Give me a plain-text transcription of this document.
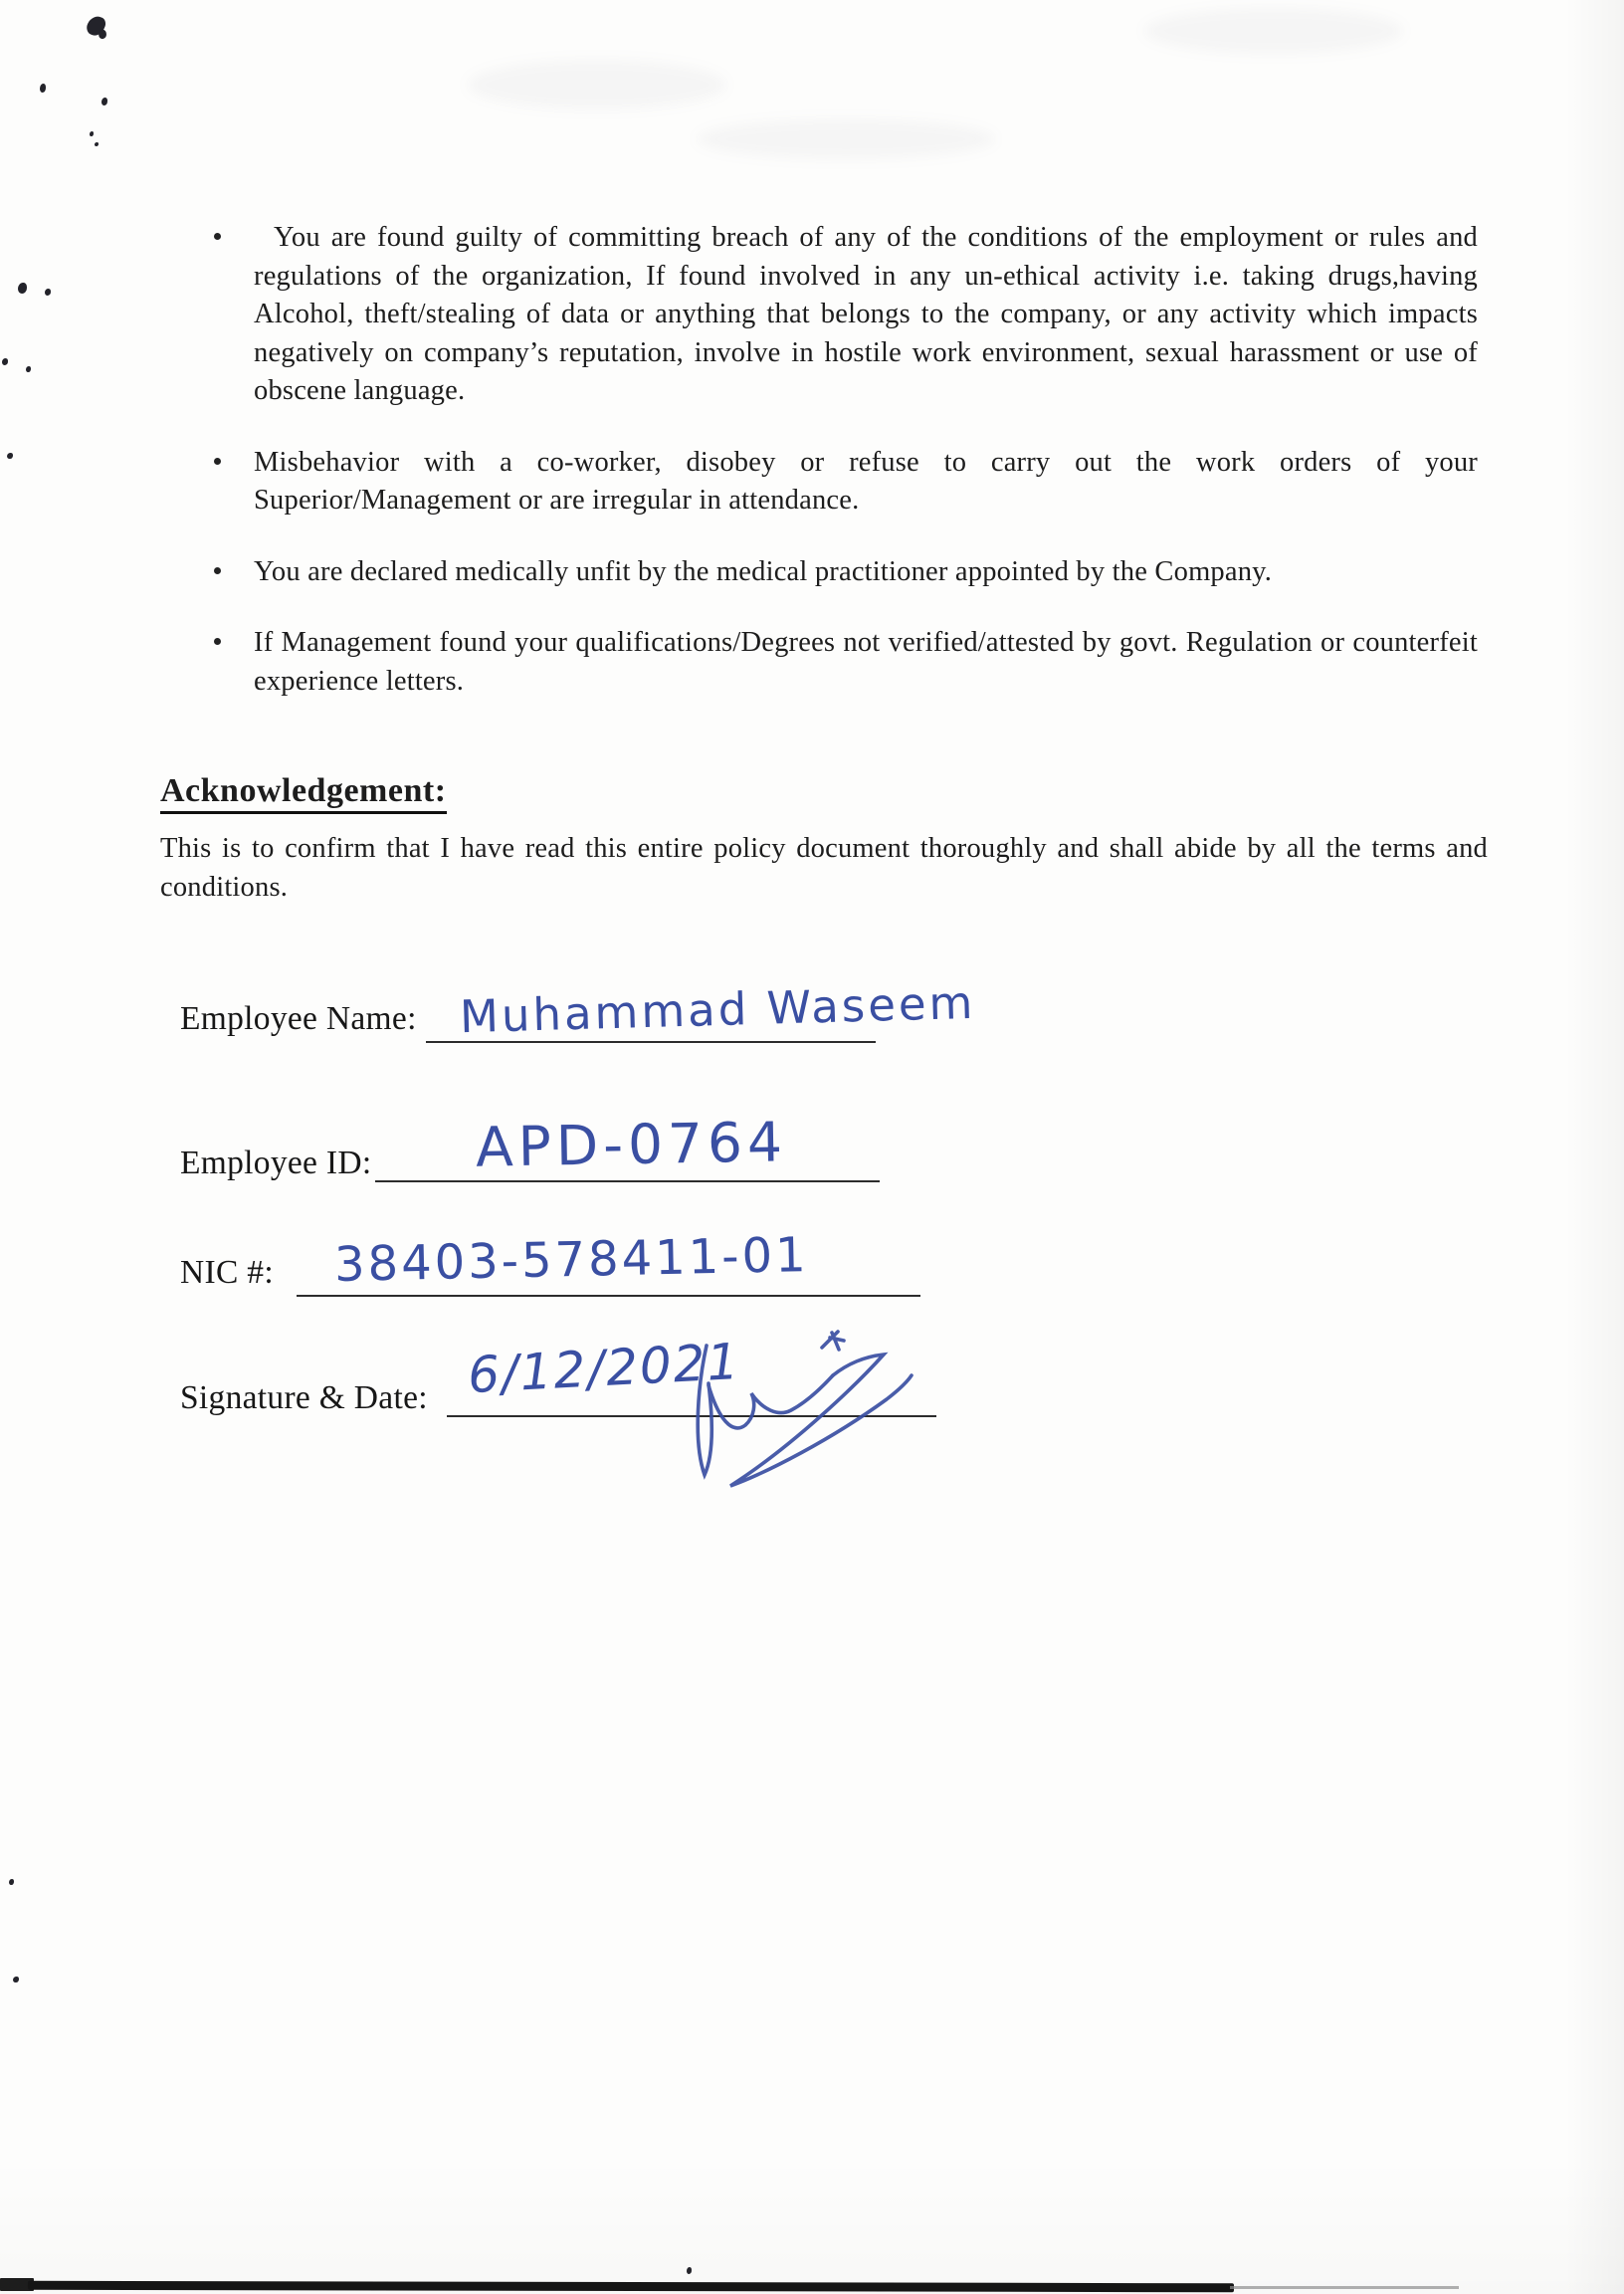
You are found guilty of committing breach of any of the conditions of the employment or rules and regulations of the organization, If found involved in any un-ethical activity i.e. taking drugs,having Alcohol, theft/stealing of data or anything that belongs to the company, or any activity which impacts negatively on company’s reputation, involve in hostile work environment, sexual harassment or use of obscene language.

Misbehavior with a co-worker, disobey or refuse to carry out the work orders of your Superior/Management or are irregular in attendance.

You are declared medically unfit by the medical practitioner appointed by the Company.

If Management found your qualifications/Degrees not verified/attested by govt. Regulation or counterfeit experience letters.

Acknowledgement:

This is to confirm that I have read this entire policy document thoroughly and shall abide by all the terms and conditions.

Employee Name: Muhammad Waseem
Employee ID: APD-0764
NIC #: 38403-578411-01
Signature & Date: 6/12/2021
